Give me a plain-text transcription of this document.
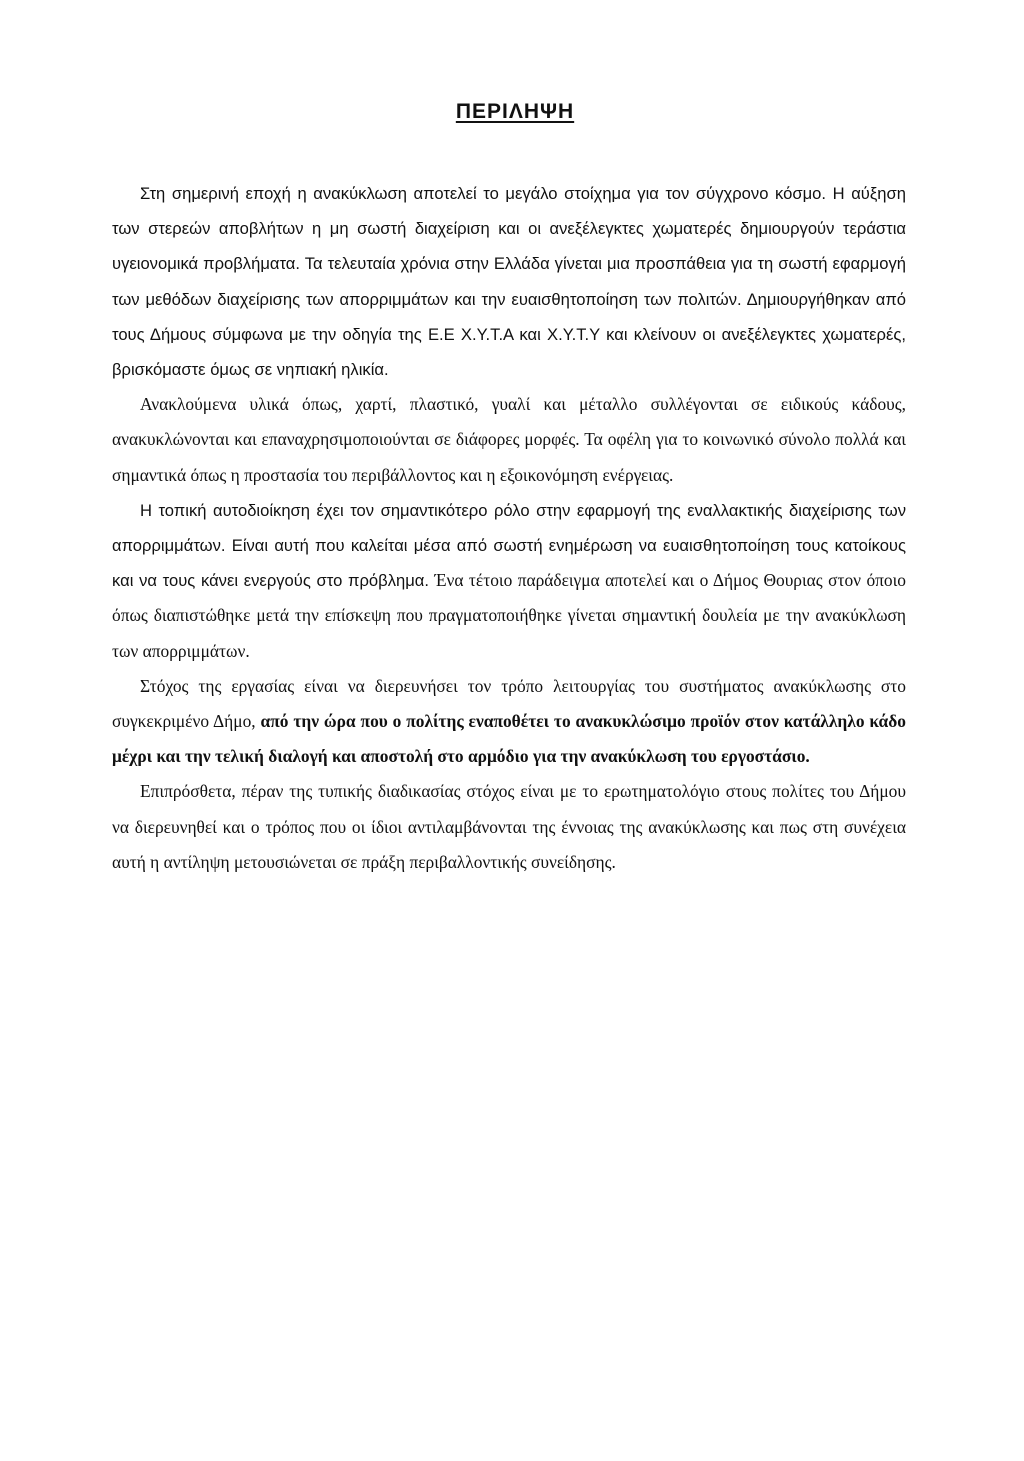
ΠΕΡΙΛΗΨΗ

Στη σημερινή εποχή η ανακύκλωση αποτελεί το μεγάλο στοίχημα για τον σύγχρονο κόσμο. Η αύξηση των στερεών αποβλήτων η μη σωστή διαχείριση και οι ανεξέλεγκτες χωματερές δημιουργούν τεράστια υγειονομικά προβλήματα. Τα τελευταία χρόνια στην Ελλάδα γίνεται μια προσπάθεια για τη σωστή εφαρμογή των μεθόδων διαχείρισης των απορριμμάτων και την ευαισθητοποίηση των πολιτών. Δημιουργήθηκαν από τους Δήμους σύμφωνα με την οδηγία της Ε.Ε Χ.Υ.Τ.Α και Χ.Υ.Τ.Υ και κλείνουν οι ανεξέλεγκτες χωματερές, βρισκόμαστε όμως σε νηπιακή ηλικία.

Ανακλούμενα υλικά όπως, χαρτί, πλαστικό, γυαλί και μέταλλο συλλέγονται σε ειδικούς κάδους, ανακυκλώνονται και επαναχρησιμοποιούνται σε διάφορες μορφές. Τα οφέλη για το κοινωνικό σύνολο πολλά και σημαντικά όπως η προστασία του περιβάλλοντος και η εξοικονόμηση ενέργειας.

Η τοπική αυτοδιοίκηση έχει τον σημαντικότερο ρόλο στην εφαρμογή της εναλλακτικής διαχείρισης των απορριμμάτων. Είναι αυτή που καλείται μέσα από σωστή ενημέρωση να ευαισθητοποίηση τους κατοίκους και να τους κάνει ενεργούς στο πρόβλημα. Ένα τέτοιο παράδειγμα αποτελεί και ο Δήμος Θουριας στον όποιο όπως διαπιστώθηκε μετά την επίσκεψη που πραγματοποιήθηκε γίνεται σημαντική δουλεία με την ανακύκλωση των απορριμμάτων.

Στόχος της εργασίας είναι να διερευνήσει τον τρόπο λειτουργίας του συστήματος ανακύκλωσης στο συγκεκριμένο Δήμο, από την ώρα που ο πολίτης εναποθέτει το ανακυκλώσιμο προϊόν στον κατάλληλο κάδο μέχρι και την τελική διαλογή και αποστολή στο αρμόδιο για την ανακύκλωση του εργοστάσιο.

Επιπρόσθετα, πέραν της τυπικής διαδικασίας στόχος είναι με το ερωτηματολόγιο στους πολίτες του Δήμου να διερευνηθεί και ο τρόπος που οι ίδιοι αντιλαμβάνονται της έννοιας της ανακύκλωσης και πως στη συνέχεια αυτή η αντίληψη μετουσιώνεται σε πράξη περιβαλλοντικής συνείδησης.
